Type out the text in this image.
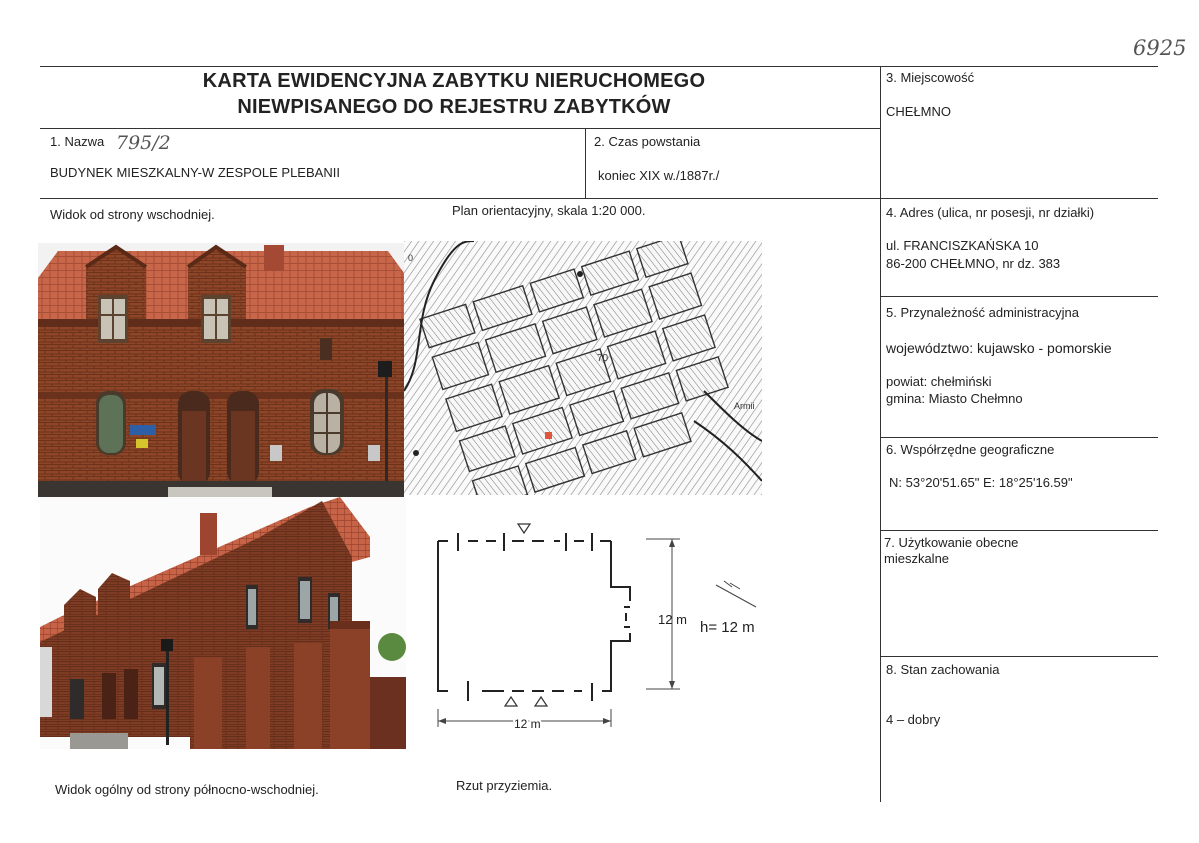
6925
KARTA EWIDENCYJNA ZABYTKU NIERUCHOMEGO
NIEWPISANEGO DO REJESTRU ZABYTKÓW
1. Nazwa 795/2
BUDYNEK MIESZKALNY-W ZESPOLE PLEBANII
2. Czas powstania
koniec XIX w./1887r./
3. Miejscowość
CHEŁMNO
4. Adres (ulica, nr posesji, nr działki)
ul. FRANCISZKAŃSKA 10
86-200 CHEŁMNO, nr dz. 383
5. Przynależność administracyjna
województwo: kujawsko - pomorskie
powiat: chełmiński
gmina: Miasto Chełmno
6. Współrzędne geograficzne
N: 53°20'51.65" E: 18°25'16.59"
7. Użytkowanie obecne
mieszkalne
8. Stan zachowania
4 – dobry
Widok od strony wschodniej.	Plan orientacyjny, skala 1:20 000.
Widok ogólny od strony północno-wschodniej.	Rzut przyziemia.
0
70
Armii
12 m h= 12 m
12 m
